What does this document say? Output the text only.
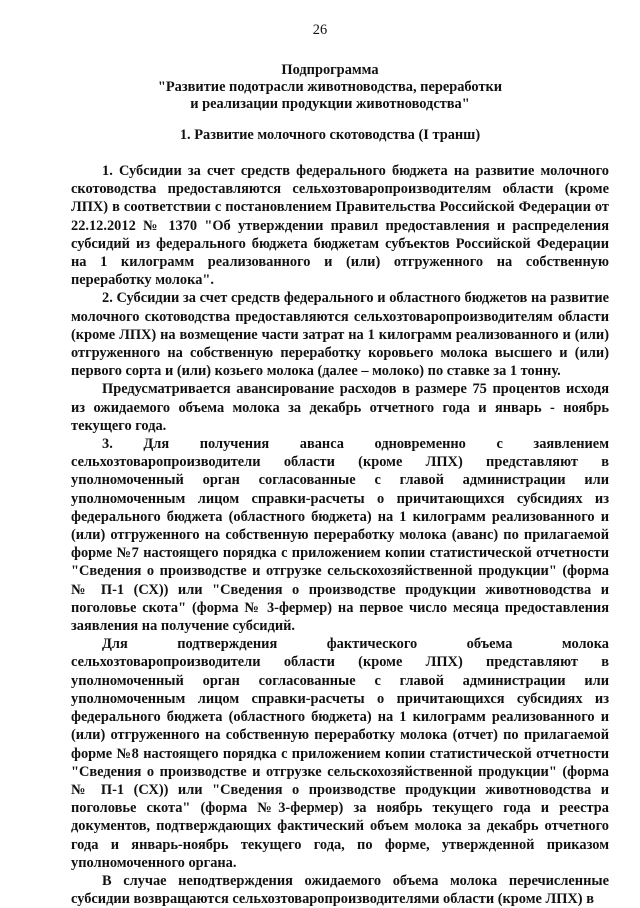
26
Подпрограмма
"Развитие подотрасли животноводства, переработки
и реализации продукции животноводства"
1. Развитие молочного скотоводства (I транш)

1. Субсидии за счет средств федерального бюджета на развитие молочного скотоводства предоставляются сельхозтоваропроизводителям области (кроме ЛПХ) в соответствии с постановлением Правительства Российской Федерации от 22.12.2012 № 1370 "Об утверждении правил предоставления и распределения субсидий из федерального бюджета бюджетам субъектов Российской Федерации на 1 килограмм реализованного и (или) отгруженного на собственную переработку молока".

2. Субсидии за счет средств федерального и областного бюджетов на развитие молочного скотоводства предоставляются сельхозтоваропроизводителям области (кроме ЛПХ) на возмещение части затрат на 1 килограмм реализованного и (или) отгруженного на собственную переработку коровьего молока высшего и (или) первого сорта и (или) козьего молока (далее – молоко) по ставке за 1 тонну.

Предусматривается авансирование расходов в размере 75 процентов исходя из ожидаемого объема молока за декабрь отчетного года и январь - ноябрь текущего года.

3. Для получения аванса одновременно с заявлением сельхозтоваропроизводители области (кроме ЛПХ) представляют в уполномоченный орган согласованные с главой администрации или уполномоченным лицом справки-расчеты о причитающихся субсидиях из федерального бюджета (областного бюджета) на 1 килограмм реализованного и (или) отгруженного на собственную переработку молока (аванс) по прилагаемой форме №7 настоящего порядка с приложением копии статистической отчетности "Сведения о производстве и отгрузке сельскохозяйственной продукции" (форма № П-1 (СХ)) или "Сведения о производстве продукции животноводства и поголовье скота" (форма № 3-фермер) на первое число месяца предоставления заявления на получение субсидий.

Для подтверждения фактического объема молока сельхозтоваропроизводители области (кроме ЛПХ) представляют в уполномоченный орган согласованные с главой администрации или уполномоченным лицом справки-расчеты о причитающихся субсидиях из федерального бюджета (областного бюджета) на 1 килограмм реализованного и (или) отгруженного на собственную переработку молока (отчет) по прилагаемой форме №8 настоящего порядка с приложением копии статистической отчетности "Сведения о производстве и отгрузке сельскохозяйственной продукции" (форма № П-1 (СХ)) или "Сведения о производстве продукции животноводства и поголовье скота" (форма №3-фермер) за ноябрь текущего года и реестра документов, подтверждающих фактический объем молока за декабрь отчетного года и январь-ноябрь текущего года, по форме, утвержденной приказом уполномоченного органа.

В случае неподтверждения ожидаемого объема молока перечисленные субсидии возвращаются сельхозтоваропроизводителями области (кроме ЛПХ) в
